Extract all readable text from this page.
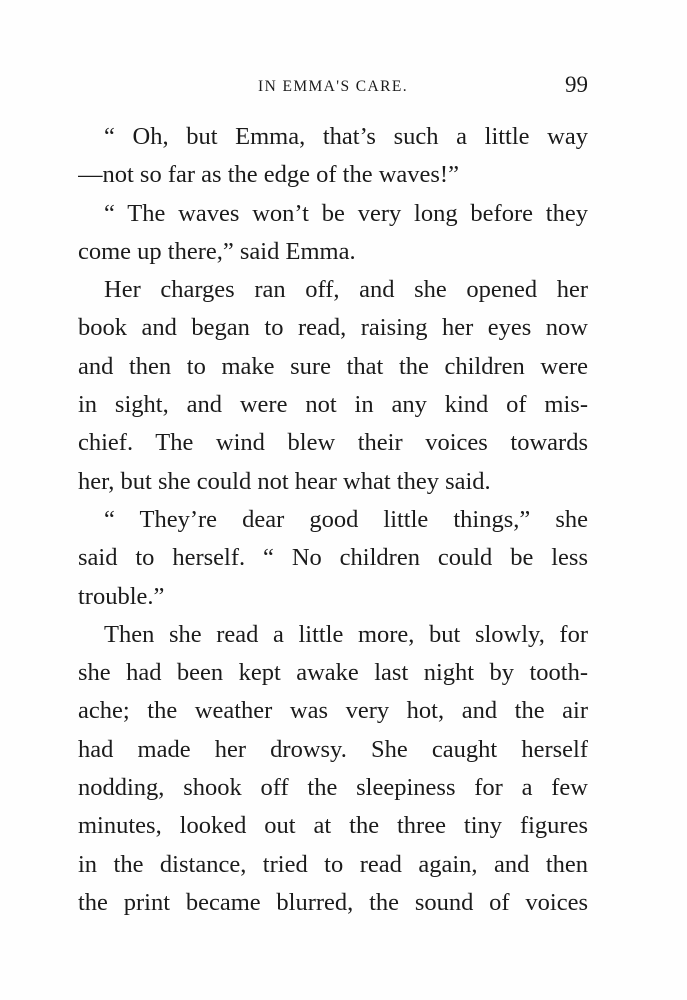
IN EMMA'S CARE.	99
“ Oh, but Emma, that’s such a little way
—not so far as the edge of the waves!”
“ The waves won’t be very long before they
come up there,” said Emma.
Her charges ran off, and she opened her
book and began to read, raising her eyes now
and then to make sure that the children were
in sight, and were not in any kind of mis-
chief. The wind blew their voices towards
her, but she could not hear what they said.
“ They’re dear good little things,” she
said to herself. “ No children could be less
trouble.”
Then she read a little more, but slowly, for
she had been kept awake last night by tooth-
ache; the weather was very hot, and the air
had made her drowsy. She caught herself
nodding, shook off the sleepiness for a few
minutes, looked out at the three tiny figures
in the distance, tried to read again, and then
the print became blurred, the sound of voices
